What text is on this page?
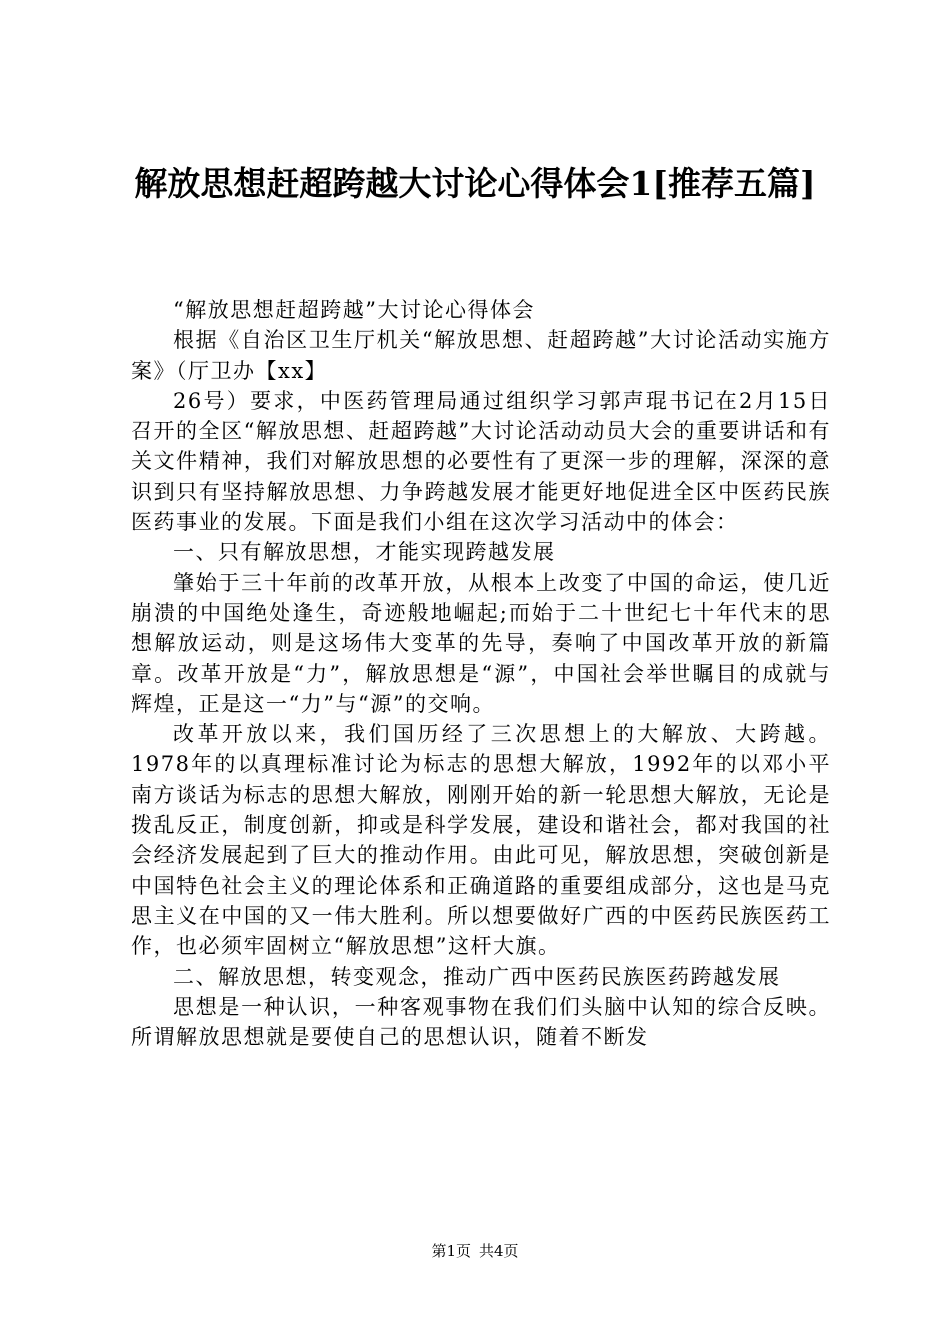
解放思想赶超跨越大讨论心得体会1[推荐五篇]

“解放思想赶超跨越”大讨论心得体会

根据《自治区卫生厅机关“解放思想、赶超跨越”大讨论活动实施方案》（厅卫办【xx】

26号）要求，中医药管理局通过组织学习郭声琨书记在2月15日召开的全区“解放思想、赶超跨越”大讨论活动动员大会的重要讲话和有关文件精神，我们对解放思想的必要性有了更深一步的理解，深深的意识到只有坚持解放思想、力争跨越发展才能更好地促进全区中医药民族医药事业的发展。下面是我们小组在这次学习活动中的体会：

一、只有解放思想，才能实现跨越发展

肇始于三十年前的改革开放，从根本上改变了中国的命运，使几近崩溃的中国绝处逢生，奇迹般地崛起;而始于二十世纪七十年代末的思想解放运动，则是这场伟大变革的先导，奏响了中国改革开放的新篇章。改革开放是“力”，解放思想是“源”，中国社会举世瞩目的成就与辉煌，正是这一“力”与“源”的交响。

改革开放以来，我们国历经了三次思想上的大解放、大跨越。1978年的以真理标准讨论为标志的思想大解放，1992年的以邓小平南方谈话为标志的思想大解放，刚刚开始的新一轮思想大解放，无论是拨乱反正，制度创新，抑或是科学发展，建设和谐社会，都对我国的社会经济发展起到了巨大的推动作用。由此可见，解放思想，突破创新是中国特色社会主义的理论体系和正确道路的重要组成部分，这也是马克思主义在中国的又一伟大胜利。所以想要做好广西的中医药民族医药工作，也必须牢固树立“解放思想”这杆大旗。

二、解放思想，转变观念，推动广西中医药民族医药跨越发展

思想是一种认识，一种客观事物在我们们头脑中认知的综合反映。所谓解放思想就是要使自己的思想认识，随着不断发

第1页 共4页
